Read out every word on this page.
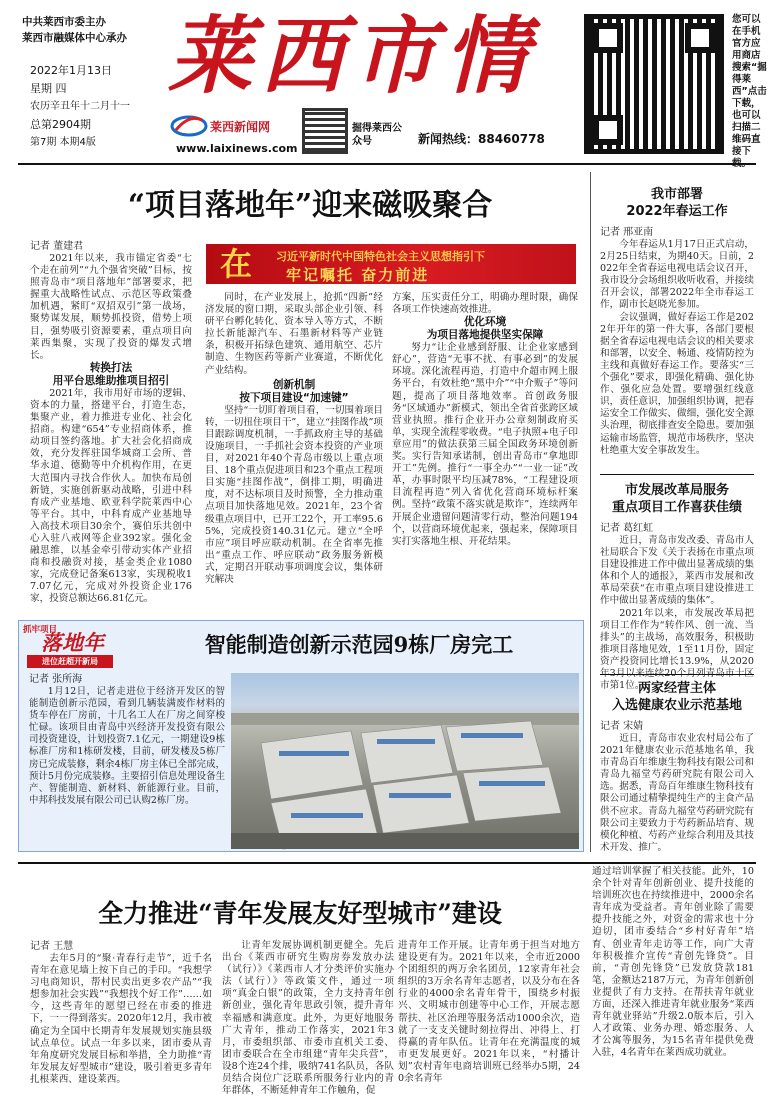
中共莱西市委主办
莱西市融媒体中心承办
2022年1月13日
星期 四
农历辛丑年十二月十一
总第2904期
第7期 本期4版
莱西市情
莱西新闻网
www.laixinews.com
掘得莱西公众号	新闻热线：88460778
您可以在手机官方应用商店搜索“掘得莱西”点击下载，也可以扫描二维码直接下
“项目落地年”迎来磁吸聚合
记者 董建君

2021年以来，我市锚定省委“七个走在前列”“九个强省突破”目标，按照青岛市“项目落地年”部署要求，把握重大战略性试点、示范区等政策叠加机遇，紧盯“双招双引”第一战场，聚势谋发展，顺势抓投资，借势上项目，强势吸引资源要素，重点项目向莱西集聚，实现了投资的爆发式增长。

转换打法
用平台思维助推项目招引

2021年，我市用好市场的逻辑、资本的力量，搭建平台，打造生态，集聚产业，着力推进专业化、社会化招商。构建“654”专业招商体系，推动项目签约落地。扩大社会化招商成效，充分发挥驻国华城商工会所、普华永道、德勤等中介机构作用，在更大范围内寻找合作伙人。加快布局创新链，实施创新驱动战略，引进中科育成产业基地、欧亚科学院莱西中心等平台。其中，中科育成产业基地导入高技术项目30余个，赛伯乐共创中心入驻八戒网等企业392家。强化金融思维，以基金牵引带动实体产业招商和投融资对接，基金类企业1080家，完成登记备案613家，实现税收17.07亿元，完成对外投资企业176家，投资总额达66.81亿元。

在 习近平新时代中国特色社会主义思想指引下
牢记嘱托 奋力前进

同时，在产业发展上，抢抓“四新”经济发展的窗口期，采取头部企业引领、科研平台孵化转化、资本导入等方式，不断拉长新能源汽车、石墨新材料等产业链条，积极开拓绿色建筑、通用航空、芯片制造、生物医药等新产业赛道，不断优化产业结构。

创新机制
按下项目建设“加速键”

坚持“一切盯着项目看，一切围着项目转，一切扭住项目干”，建立“挂图作战”项目跟踪调度机制，一手抓政府主导的基础设施项目，一手抓社会资本投资的产业项目，对2021年40个青岛市级以上重点项目、18个重点促进项目和23个重点工程项目实施“挂图作战”，倒排工期，明确进度，对不达标项目及时预警，全力推动重点项目加快落地见效。2021年，23个省级重点项目中，已开工22个，开工率95.65%，完成投资140.31亿元。建立“全呼市应”项目呼应联动机制。在全省率先推出“重点工作、呼应联动”政务服务新模式，定期召开联动事项调度会议，集体研究解决

方案，压实责任分工，明确办理时限，确保各项工作快速高效推进。

优化环境
为项目落地提供坚实保障

努力“让企业感到舒服、让企业家感到舒心”，营造“无事不扰、有事必到”的发展环境。深化流程再造，打造中介超市网上服务平台，有效杜绝“黑中介”“中介贩子”等问题，提高了项目落地效率。首创政务服务“区域通办”新模式，领出全省首张跨区域营业执照。推行企业开办公章刻制政府买单，实现全流程零收费。“电子执照+电子印章应用”的做法获第三届全国政务环境创新奖。实行告知承诺制，创出青岛市“拿地即开工”先例。推行“一事全办”“一业一证”改革，办事时限平均压减78%，“工程建设项目流程再造”列入省优化营商环境标杆案例。坚持“政策不落实就是欺诈”，连续两年开展企业遗留问题清零行动，整治问题194个，以营商环境优起来，强起来，保障项目实打实落地生根、开花结果。

我市部署
2022年春运工作
记者 邢亚南

今年春运从1月17日正式启动，2月25日结束，为期40天。日前，2022年全省春运电视电话会议召开，我市设分会场组织收听收看，并接续召开会议，部署2022年全市春运工作，副市长赵晓光参加。

会议强调，做好春运工作是2022年开年的第一件大事，各部门要根据全省春运电视电话会议的相关要求和部署，以安全、畅通、疫情防控为主线和真做好春运工作。要落实“三个强化”要求，即强化精确、强化协作、强化应急处置。要增强红线意识，责任意识，加强组织协调，把春运安全工作做实、做细，强化安全源头治理，彻底排查安全隐患。要加强运输市场监管，规范市场秩序，坚决杜绝重大安全事故发生。

市发展改革局服务
重点项目工作喜获佳绩
记者 葛红虹

近日，青岛市发改委、青岛市人社局联合下发《关于表扬在市重点项目建设推进工作中做出显著成绩的集体和个人的通报》，莱西市发展和改革局荣获“在市重点项目建设推进工作中做出显著成绩的集体”。

2021年以来，市发展改革局把项目工作作为“转作风、创一流、当排头”的主战场，高效服务，积极助推项目落地见效，1至11月份，固定资产投资同比增长13.9%，从2020 市第1位。

两家经营主体
入选健康农业示范基地
记者 宋婧

近日，青岛市农业农村局公布了2021年健康农业示范基地名单，我市青岛百年维康生物科技有限公司和青岛九福堂芍药研究院有限公司入选。据悉，青岛百年维康生物科技有限公司通过精挚提纯生产的主食产品供不应求。青岛九福堂芍药研究院有限公司主要致力于芍药新品培育、规模化种植、芍药产业综合利用及其技术开发、推广。

抓牢项目
落地年
进位赶超开新局
智能制造创新示范园9栋厂房完工
记者 张所海

1月12日，记者走进位于经济开发区的智能制造创新示范园，看到几辆装满废作材料的货车停在厂房前，十几名工人在厂房之间穿梭忙碌。该项目由青岛中兴经济开发投资有限公司投资建设，计划投资7.1亿元，一期建设9栋标准厂房和1栋研发楼，目前，研发楼及5栋厂房已完成装修，剩余4栋厂房主体已全部完成，预计5月份完成装修。主要招引信息处理设备生产、智能制造、新材料、新能源行业。目前，中邦科技发展有限公司已认购2栋厂房。

全力推进“青年发展友好型城市”建设
记者 王慧

去年5月的“聚·青春行走节”，近千名青年在意见墙上按下自己的手印。“我想学习电商知识，帮村民卖出更多农产品”“我想参加社会实践”“我想找个好工作”……如今，这些青年的愿望已经在市委的推进下，一一得到落实。2020年12月，我市被确定为全国中长期青年发展规划实施县级试点单位。试点一年多以来，团市委从青年角度研究发展目标和举措，全力助推“青年发展友好型城市”建设，吸引着更多青年扎根莱西、建设莱西。

让青年发展协调机制更健全。先后出台《莱西市研究生购房券发放办法（试行）》《莱西市人才分类评价实施办法（试行）》等政策文件，通过一项项“真金白银”的政策，全力支持青年创新创业，强化青年思政引领，提升青年幸福感和满意度。此外，为更好地服务广大青年，推动工作落实，2021年3月，市委组织部、市委市直机关工委、团市委联合在全市组建“青年尖兵营”，设8个连24个排，吸纳741名队员，各队员结合岗位广泛联系所服务行业内的青年群体，不断延伸青年工作触角，促

进青年工作开展。让青年勇于担当对地方建设更有为。2021年以来，全市近2000个团组织的两万余名团员，12家青年社会组织的3万余名青年志愿者，以及分布在各行业的4000余名青年骨干，围绕乡村振兴、文明城市创建等中心工作，开展志愿帮扶、社区治理等服务活动1000余次，造就了一支支关键时刻拉得出、冲得上、打得赢的青年队伍。让青年在充满温度的城市更发展更好。2021年以来，“村播计划”农村青年电商培训班已经举办5期，240余名青年

通过培训掌握了相关技能。此外，10余个针对青年创新创业、提升技能的培训班次也在持续推进中，2000余名青年成为受益者。青年创业除了需要提升技能之外，对资金的需求也十分迫切，团市委结合“乡村好青年”培育、创业青年走访等工作，向广大青年积极推介宣传“青创先锋贷”。目前，“青创先锋贷”已发放贷款181笔，金额达2187万元，为青年创新创业提供了有力支持。在帮扶青年就业方面，还深入推进青年就业服务“莱西青年就业驿站”升级2.0版本后，引入人才政策、业务办理、婚恋服务、人才公寓等服务，为15名青年提供免费入驻，4名青年在莱西成功就业。
